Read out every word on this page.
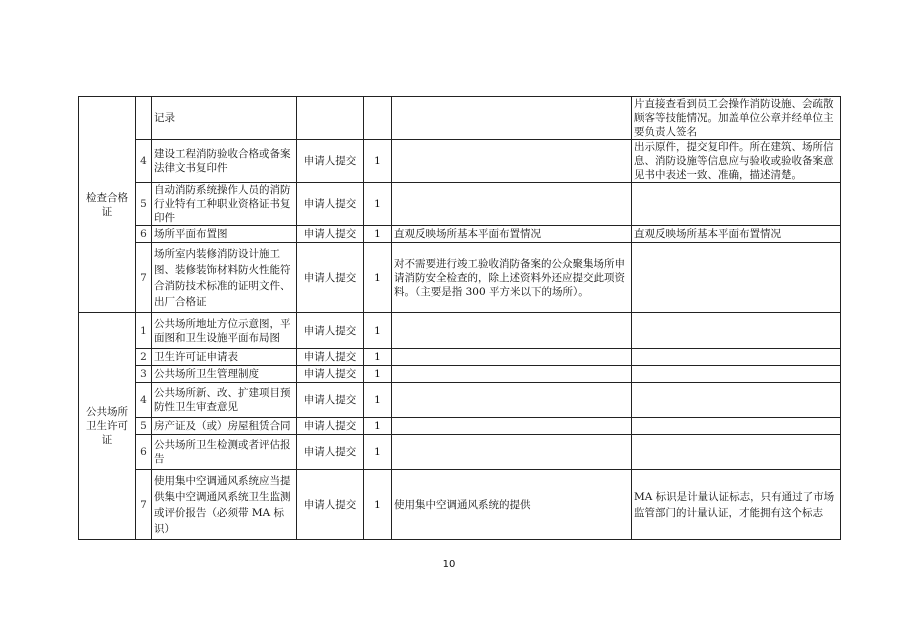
检查合格证		记录				片直接查看到员工会操作消防设施、会疏散顾客等技能情况。加盖单位公章并经单位主要负责人签名
	4	建设工程消防验收合格或备案法律文书复印件	申请人提交	1		出示原件，提交复印件。所在建筑、场所信息、消防设施等信息应与验收或验收备案意见书中表述一致、准确，描述清楚。
	5	自动消防系统操作人员的消防行业特有工种职业资格证书复印件	申请人提交	1		
	6	场所平面布置图	申请人提交	1	直观反映场所基本平面布置情况	直观反映场所基本平面布置情况
	7	场所室内装修消防设计施工图、装修装饰材料防火性能符合消防技术标准的证明文件、出厂合格证	申请人提交	1	对不需要进行竣工验收消防备案的公众聚集场所申请消防安全检查的，除上述资料外还应提交此项资料。（主要是指 300 平方米以下的场所）。	
公共场所卫生许可证	1	公共场所地址方位示意图，平面图和卫生设施平面布局图	申请人提交	1		
	2	卫生许可证申请表	申请人提交	1		
	3	公共场所卫生管理制度	申请人提交	1		
	4	公共场所新、改、扩建项目预防性卫生审查意见	申请人提交	1		
	5	房产证及（或）房屋租赁合同	申请人提交	1		
	6	公共场所卫生检测或者评估报告	申请人提交	1		
	7	使用集中空调通风系统应当提供集中空调通风系统卫生监测或评价报告（必须带 MA 标识）	申请人提交	1	使用集中空调通风系统的提供	MA 标识是计量认证标志，只有通过了市场监管部门的计量认证，才能拥有这个标志
10
